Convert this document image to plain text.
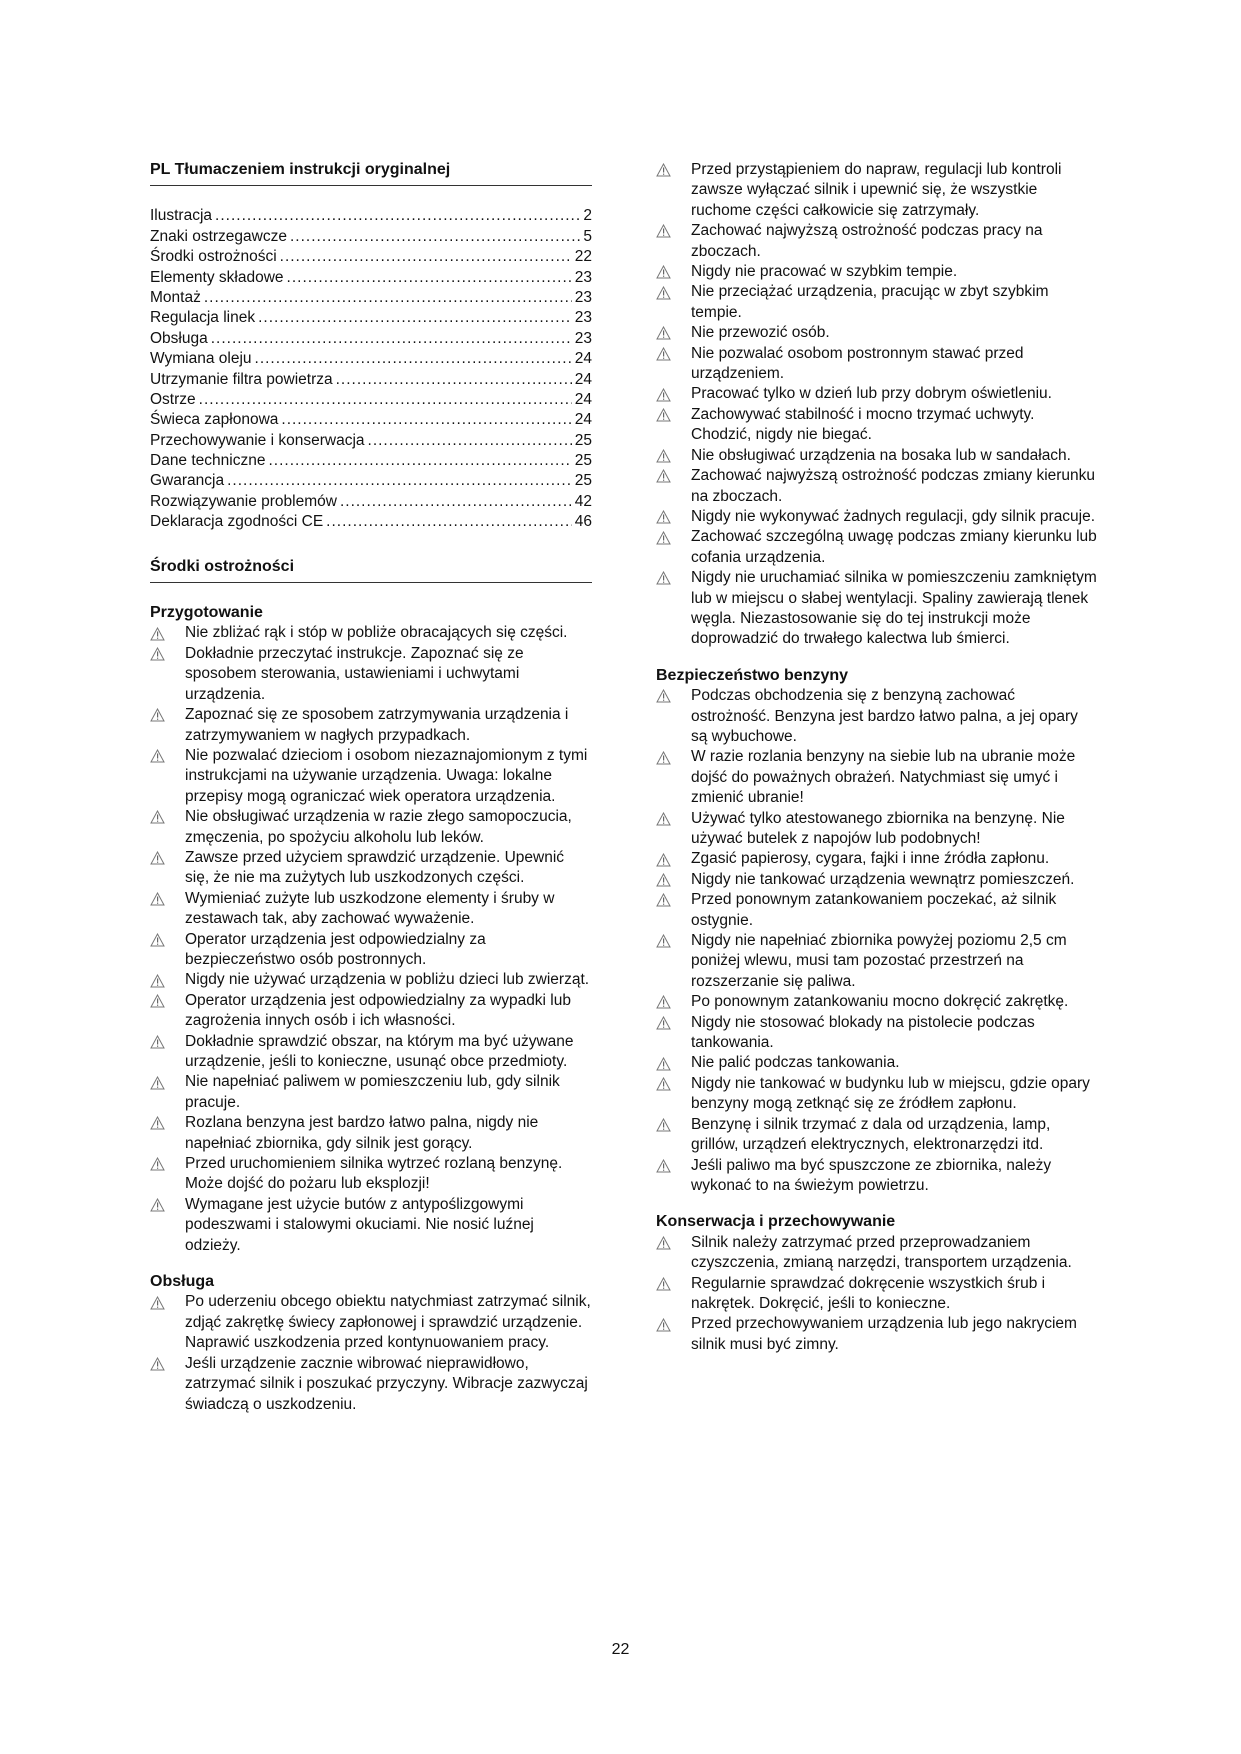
PL Tłumaczeniem instrukcji oryginalnej
Ilustracja .....	2
Znaki ostrzegawcze .....	5
Środki ostrożności .....	22
Elementy składowe .....	23
Montaż .....	23
Regulacja linek .....	23
Obsługa .....	23
Wymiana oleju .....	24
Utrzymanie filtra powietrza .....	24
Ostrze .....	24
Świeca zapłonowa .....	24
Przechowywanie i konserwacja .....	25
Dane techniczne .....	25
Gwarancja .....	25
Rozwiązywanie problemów .....	42
Deklaracja zgodności CE .....	46
Środki ostrożności
Przygotowanie
Nie zbliżać rąk i stóp w pobliże obracających się części.
Dokładnie przeczytać instrukcje. Zapoznać się ze sposobem sterowania, ustawieniami i uchwytami urządzenia.
Zapoznać się ze sposobem zatrzymywania urządzenia i zatrzymywaniem w nagłych przypadkach.
Nie pozwalać dzieciom i osobom niezaznajomionym z tymi instrukcjami na używanie urządzenia. Uwaga: lokalne przepisy mogą ograniczać wiek operatora urządzenia.
Nie obsługiwać urządzenia w razie złego samopoczucia, zmęczenia, po spożyciu alkoholu lub leków.
Zawsze przed użyciem sprawdzić urządzenie. Upewnić się, że nie ma zużytych lub uszkodzonych części.
Wymieniać zużyte lub uszkodzone elementy i śruby w zestawach tak, aby zachować wyważenie.
Operator urządzenia jest odpowiedzialny za bezpieczeństwo osób postronnych.
Nigdy nie używać urządzenia w pobliżu dzieci lub zwierząt.
Operator urządzenia jest odpowiedzialny za wypadki lub zagrożenia innych osób i ich własności.
Dokładnie sprawdzić obszar, na którym ma być używane urządzenie, jeśli to konieczne, usunąć obce przedmioty.
Nie napełniać paliwem w pomieszczeniu lub, gdy silnik pracuje.
Rozlana benzyna jest bardzo łatwo palna, nigdy nie napełniać zbiornika, gdy silnik jest gorący.
Przed uruchomieniem silnika wytrzeć rozlaną benzynę. Może dojść do pożaru lub eksplozji!
Wymagane jest użycie butów z antypoślizgowymi podeszwami i stalowymi okuciami. Nie nosić luźnej odzieży.
Obsługa
Po uderzeniu obcego obiektu natychmiast zatrzymać silnik, zdjąć zakrętkę świecy zapłonowej i sprawdzić urządzenie. Naprawić uszkodzenia przed kontynuowaniem pracy.
Jeśli urządzenie zacznie wibrować nieprawidłowo, zatrzymać silnik i poszukać przyczyny. Wibracje zazwyczaj świadczą o uszkodzeniu.
Przed przystąpieniem do napraw, regulacji lub kontroli zawsze wyłączać silnik i upewnić się, że wszystkie ruchome części całkowicie się zatrzymały.
Zachować najwyższą ostrożność podczas pracy na zboczach.
Nigdy nie pracować w szybkim tempie.
Nie przeciążać urządzenia, pracując w zbyt szybkim tempie.
Nie przewozić osób.
Nie pozwalać osobom postronnym stawać przed urządzeniem.
Pracować tylko w dzień lub przy dobrym oświetleniu.
Zachowywać stabilność i mocno trzymać uchwyty. Chodzić, nigdy nie biegać.
Nie obsługiwać urządzenia na bosaka lub w sandałach.
Zachować najwyższą ostrożność podczas zmiany kierunku na zboczach.
Nigdy nie wykonywać żadnych regulacji, gdy silnik pracuje.
Zachować szczególną uwagę podczas zmiany kierunku lub cofania urządzenia.
Nigdy nie uruchamiać silnika w pomieszczeniu zamkniętym lub w miejscu o słabej wentylacji. Spaliny zawierają tlenek węgla. Niezastosowanie się do tej instrukcji może doprowadzić do trwałego kalectwa lub śmierci.
Bezpieczeństwo benzyny
Podczas obchodzenia się z benzyną zachować ostrożność. Benzyna jest bardzo łatwo palna, a jej opary są wybuchowe.
W razie rozlania benzyny na siebie lub na ubranie może dojść do poważnych obrażeń. Natychmiast się umyć i zmienić ubranie!
Używać tylko atestowanego zbiornika na benzynę. Nie używać butelek z napojów lub podobnych!
Zgasić papierosy, cygara, fajki i inne źródła zapłonu.
Nigdy nie tankować urządzenia wewnątrz pomieszczeń.
Przed ponownym zatankowaniem poczekać, aż silnik ostygnie.
Nigdy nie napełniać zbiornika powyżej poziomu 2,5 cm poniżej wlewu, musi tam pozostać przestrzeń na rozszerzanie się paliwa.
Po ponownym zatankowaniu mocno dokręcić zakrętkę.
Nigdy nie stosować blokady na pistolecie podczas tankowania.
Nie palić podczas tankowania.
Nigdy nie tankować w budynku lub w miejscu, gdzie opary benzyny mogą zetknąć się ze źródłem zapłonu.
Benzynę i silnik trzymać z dala od urządzenia, lamp, grillów, urządzeń elektrycznych, elektronarzędzi itd.
Jeśli paliwo ma być spuszczone ze zbiornika, należy wykonać to na świeżym powietrzu.
Konserwacja i przechowywanie
Silnik należy zatrzymać przed przeprowadzaniem czyszczenia, zmianą narzędzi, transportem urządzenia.
Regularnie sprawdzać dokręcenie wszystkich śrub i nakrętek. Dokręcić, jeśli to konieczne.
Przed przechowywaniem urządzenia lub jego nakryciem silnik musi być zimny.
22
